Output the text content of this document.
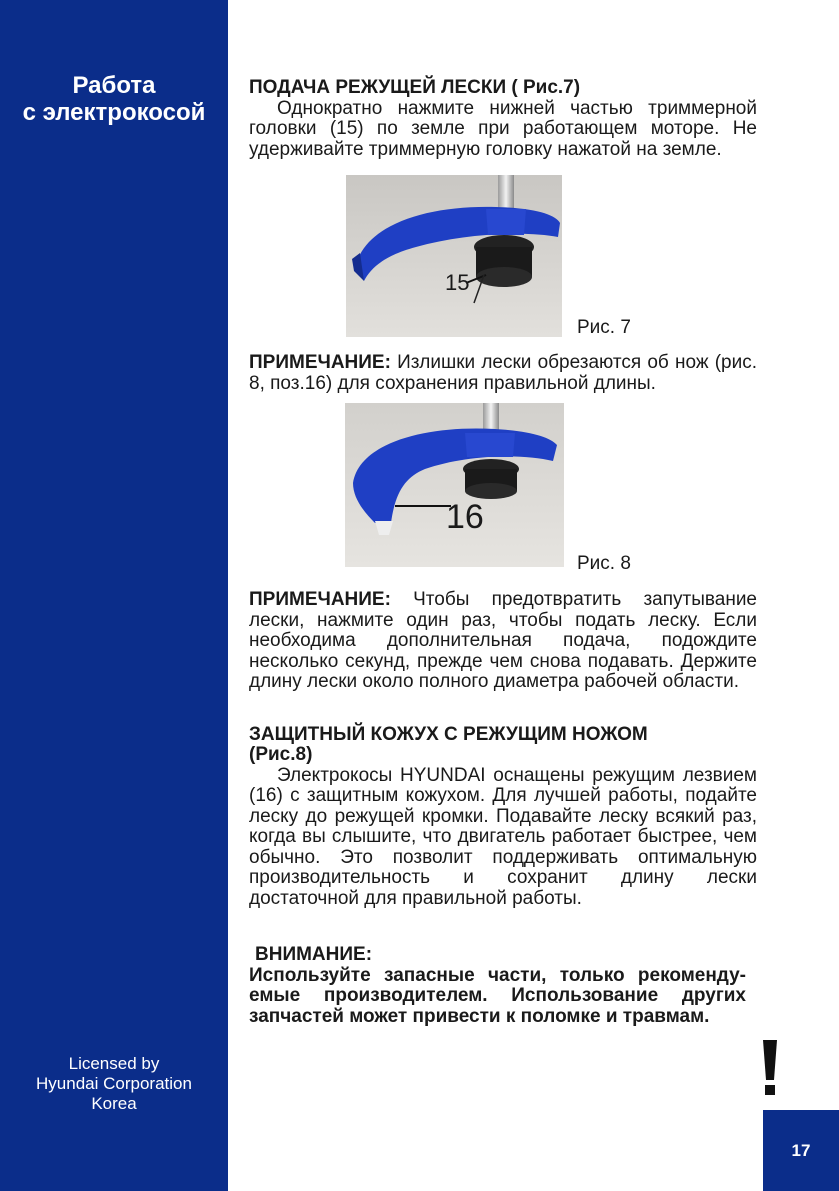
Работа
с электрокосой
Licensed by
Hyundai Corporation
Korea

ПОДАЧА РЕЖУЩЕЙ ЛЕСКИ ( Рис.7)

Однократно нажмите нижней частью триммерной головки (15) по земле при работающем моторе. Не удерживайте триммерную головку нажатой на земле.

15
Рис. 7

ПРИМЕЧАНИЕ: Излишки лески обрезаются об нож (рис. 8, поз.16) для сохранения правильной длины.

16
Рис. 8

ПРИМЕЧАНИЕ: Чтобы предотвратить запутывание лески, нажмите один раз, чтобы подать леску. Если необходима дополнительная подача, подождите несколько секунд, прежде чем снова подавать. Держите длину лески около полного диаметра рабочей области.

ЗАЩИТНЫЙ КОЖУХ С РЕЖУЩИМ НОЖОМ

(Рис.8)

Электрокосы HYUNDAI оснащены режущим лезвием (16) с защитным кожухом. Для лучшей работы, подайте леску до режущей кромки. Подавайте леску всякий раз, когда вы слышите, что двигатель работает быстрее, чем обычно. Это позволит поддерживать оптимальную производительность и сохранит длину лески достаточной для правильной работы.

ВНИМАНИЕ:

Используйте запасные части, только рекоменду- емые производителем. Использование других запчастей может привести к поломке и травмам.

17
